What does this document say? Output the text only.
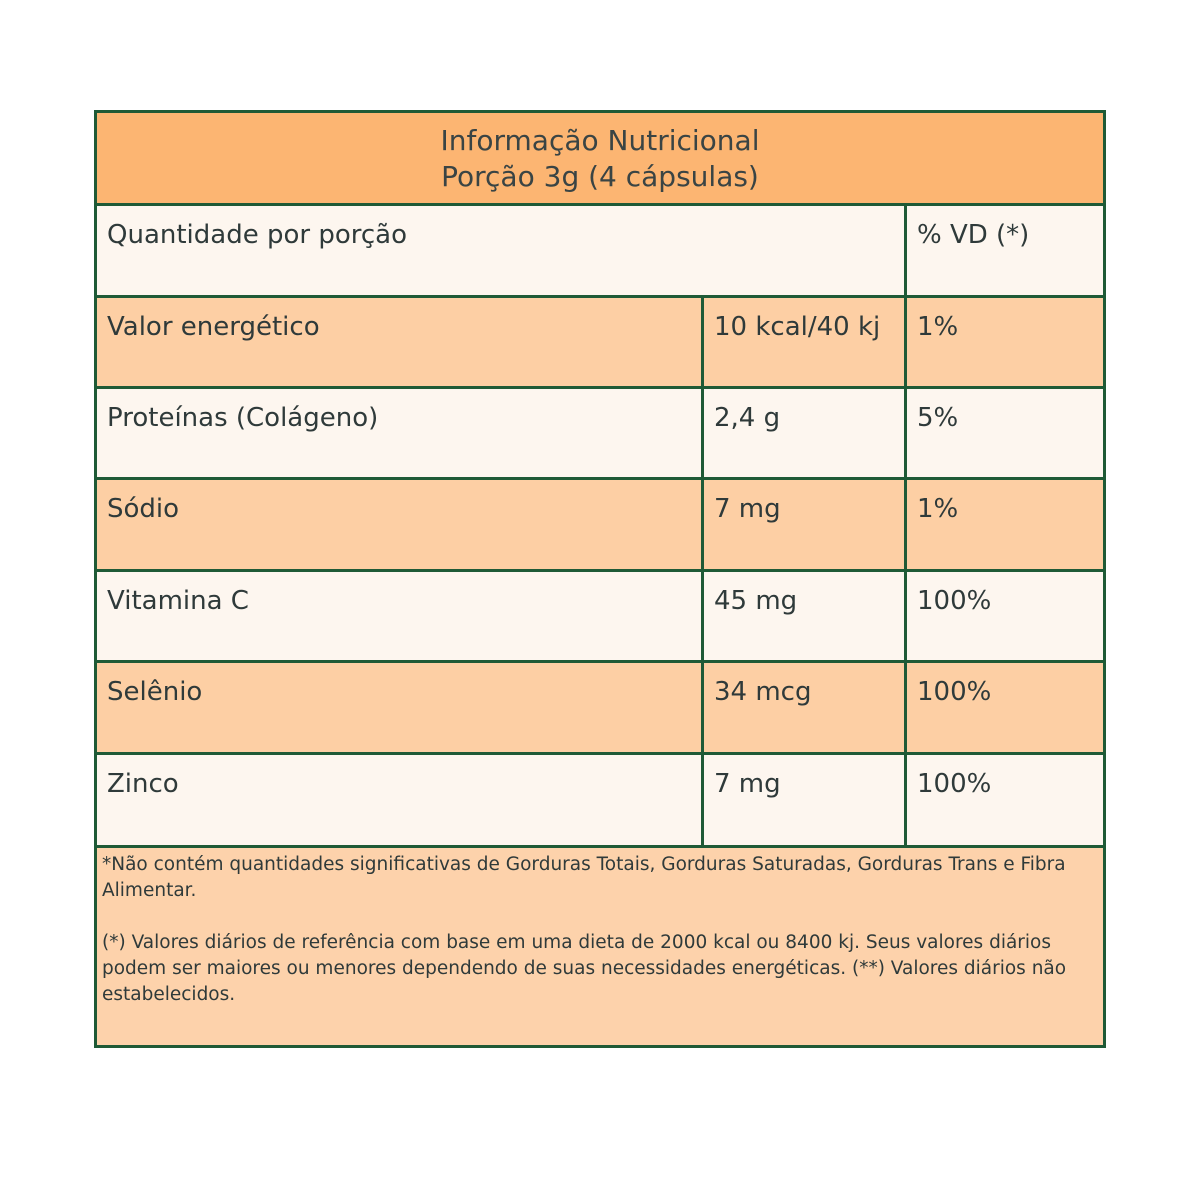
Informação Nutricional
Porção 3g (4 cápsulas)
Quantidade por porção	% VD (*)
Valor energético	10 kcal/40 kj	1%
Proteínas (Colágeno)	2,4 g	5%
Sódio	7 mg	1%
Vitamina C	45 mg	100%
Selênio	34 mcg	100%
Zinco	7 mg	100%

*Não contém quantidades significativas de Gorduras Totais, Gorduras Saturadas, Gorduras Trans e Fibra Alimentar.

(*) Valores diários de referência com base em uma dieta de 2000 kcal ou 8400 kj. Seus valores diários podem ser maiores ou menores dependendo de suas necessidades energéticas. (**) Valores diários não estabelecidos.
